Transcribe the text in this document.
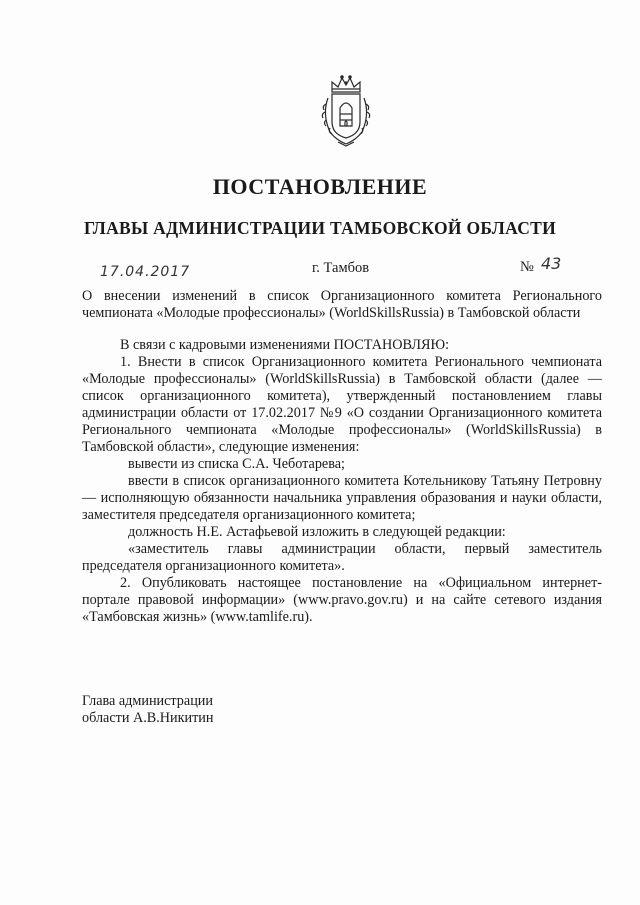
ПОСТАНОВЛЕНИЕ
ГЛАВЫ АДМИНИСТРАЦИИ ТАМБОВСКОЙ ОБЛАСТИ
17.04.2017	г. Тамбов	№ 43
О внесении изменений в список Организационного комитета Регионального
чемпионата «Молодые профессионалы» (WorldSkillsRussia) в Тамбовской области

В связи с кадровыми изменениями ПОСТАНОВЛЯЮ:

1. Внести в список Организационного комитета Регионального чемпионата «Молодые профессионалы» (WorldSkillsRussia) в Тамбовской области (далее — список организационного комитета), утвержденный постановлением главы администрации области от 17.02.2017 №9 «О создании Организационного комитета Регионального чемпионата «Молодые профессионалы» (WorldSkillsRussia) в Тамбовской области», следующие изменения:

вывести из списка С.А. Чеботарева;

ввести в список организационного комитета Котельникову Татьяну Петровну — исполняющую обязанности начальника управления образования и науки области, заместителя председателя организационного комитета;

должность Н.Е. Астафьевой изложить в следующей редакции:

«заместитель главы администрации области, первый заместитель председателя организационного комитета».

2. Опубликовать настоящее постановление на «Официальном интернет-портале правовой информации» (www.pravo.gov.ru) и на сайте сетевого издания «Тамбовская жизнь» (www.tamlife.ru).

Глава администрации
области А.В.Никитин
